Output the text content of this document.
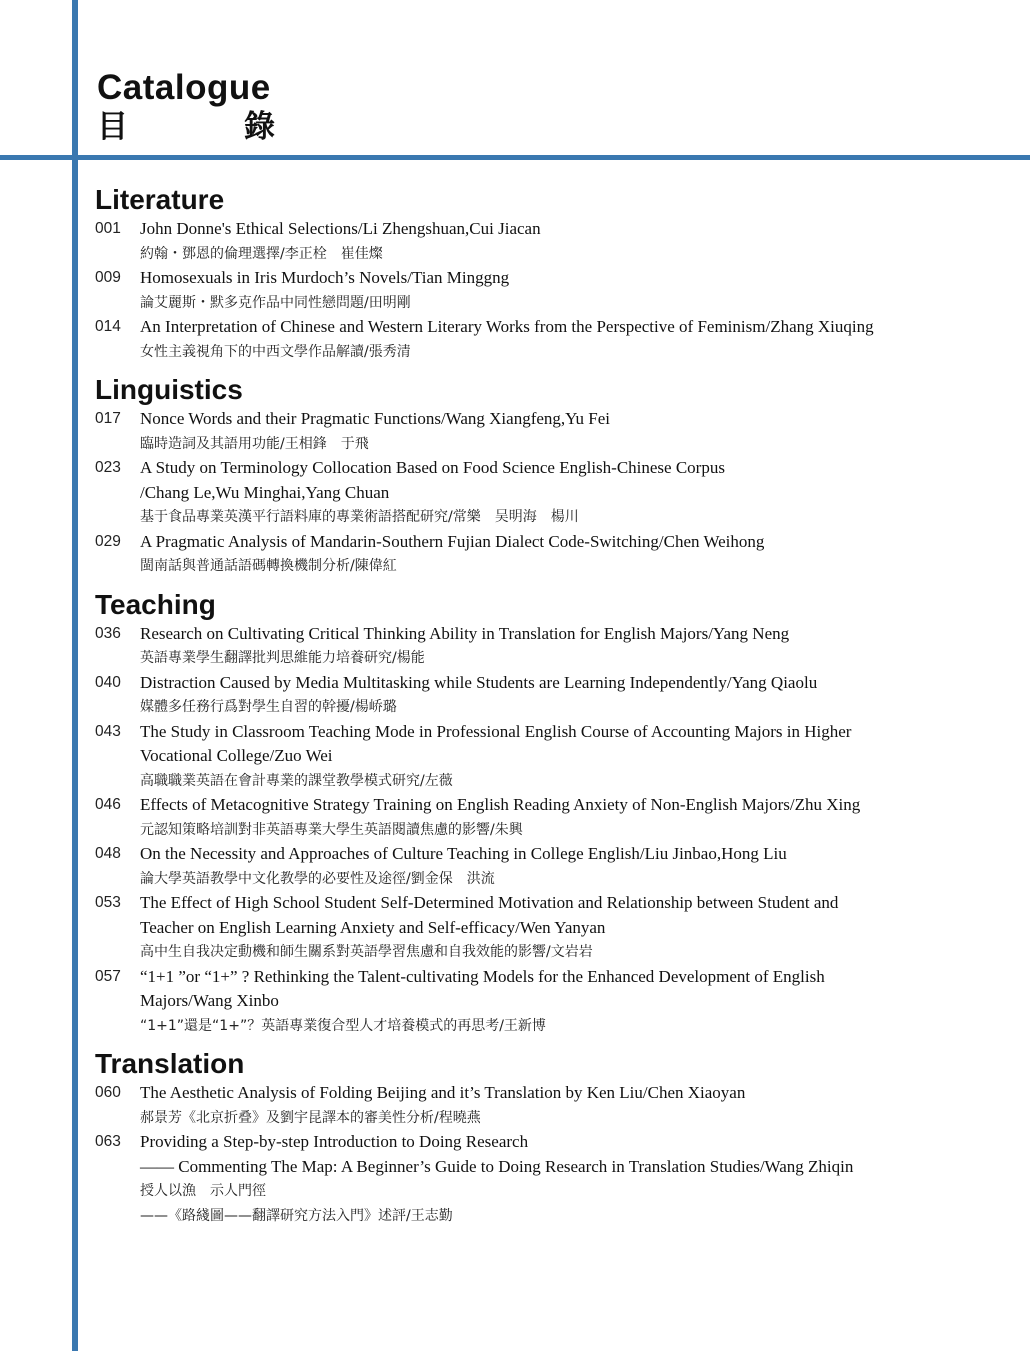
Catalogue
目	錄
Literature
001	John Donne's Ethical Selections/Li Zhengshuan,Cui Jiacan
約翰・鄧恩的倫理選擇/李正栓　崔佳燦
009	Homosexuals in Iris Murdoch’s Novels/Tian Minggng
論艾麗斯・默多克作品中同性戀問題/田明剛
014	An Interpretation of Chinese and Western Literary Works from the Perspective of Feminism/Zhang Xiuqing
女性主義視角下的中西文學作品解讀/張秀清
Linguistics
017	Nonce Words and their Pragmatic Functions/Wang Xiangfeng,Yu Fei
臨時造詞及其語用功能/王相鋒　于飛
023	A Study on Terminology Collocation Based on Food Science English-Chinese Corpus
/Chang Le,Wu Minghai,Yang Chuan
基于食品專業英漢平行語料庫的專業術語搭配研究/常樂　吴明海　楊川
029	A Pragmatic Analysis of Mandarin-Southern Fujian Dialect Code-Switching/Chen Weihong
閩南話與普通話語碼轉換機制分析/陳偉紅
Teaching
036	Research on Cultivating Critical Thinking Ability in Translation for English Majors/Yang Neng
英語專業學生翻譯批判思維能力培養研究/楊能
040	Distraction Caused by Media Multitasking while Students are Learning Independently/Yang Qiaolu
媒體多任務行爲對學生自習的幹擾/楊峤璐
043	The Study in Classroom Teaching Mode in Professional English Course of Accounting Majors in Higher
Vocational College/Zuo Wei
高職職業英語在會計專業的課堂教學模式研究/左薇
046	Effects of Metacognitive Strategy Training on English Reading Anxiety of Non-English Majors/Zhu Xing
元認知策略培訓對非英語專業大學生英語閱讀焦慮的影響/朱興
048	On the Necessity and Approaches of Culture Teaching in College English/Liu Jinbao,Hong Liu
論大學英語教學中文化教學的必要性及途徑/劉金保　洪流
053	The Effect of High School Student Self-Determined Motivation and Relationship between Student and
Teacher on English Learning Anxiety and Self-efficacy/Wen Yanyan
高中生自我决定動機和師生關系對英語學習焦慮和自我效能的影響/文岩岩
057	“1+1 ”or “1+” ? Rethinking the Talent-cultivating Models for the Enhanced Development of English
Majors/Wang Xinbo
“1+1”還是“1+”？英語專業復合型人才培養模式的再思考/王新博
Translation
060	The Aesthetic Analysis of Folding Beijing and it’s Translation by Ken Liu/Chen Xiaoyan
郝景芳《北京折叠》及劉宇昆譯本的審美性分析/程曉燕
063	Providing a Step-by-step Introduction to Doing Research
—— Commenting The Map: A Beginner’s Guide to Doing Research in Translation Studies/Wang Zhiqin
授人以漁　示人門徑
——《路綫圖——翻譯研究方法入門》述評/王志勤
